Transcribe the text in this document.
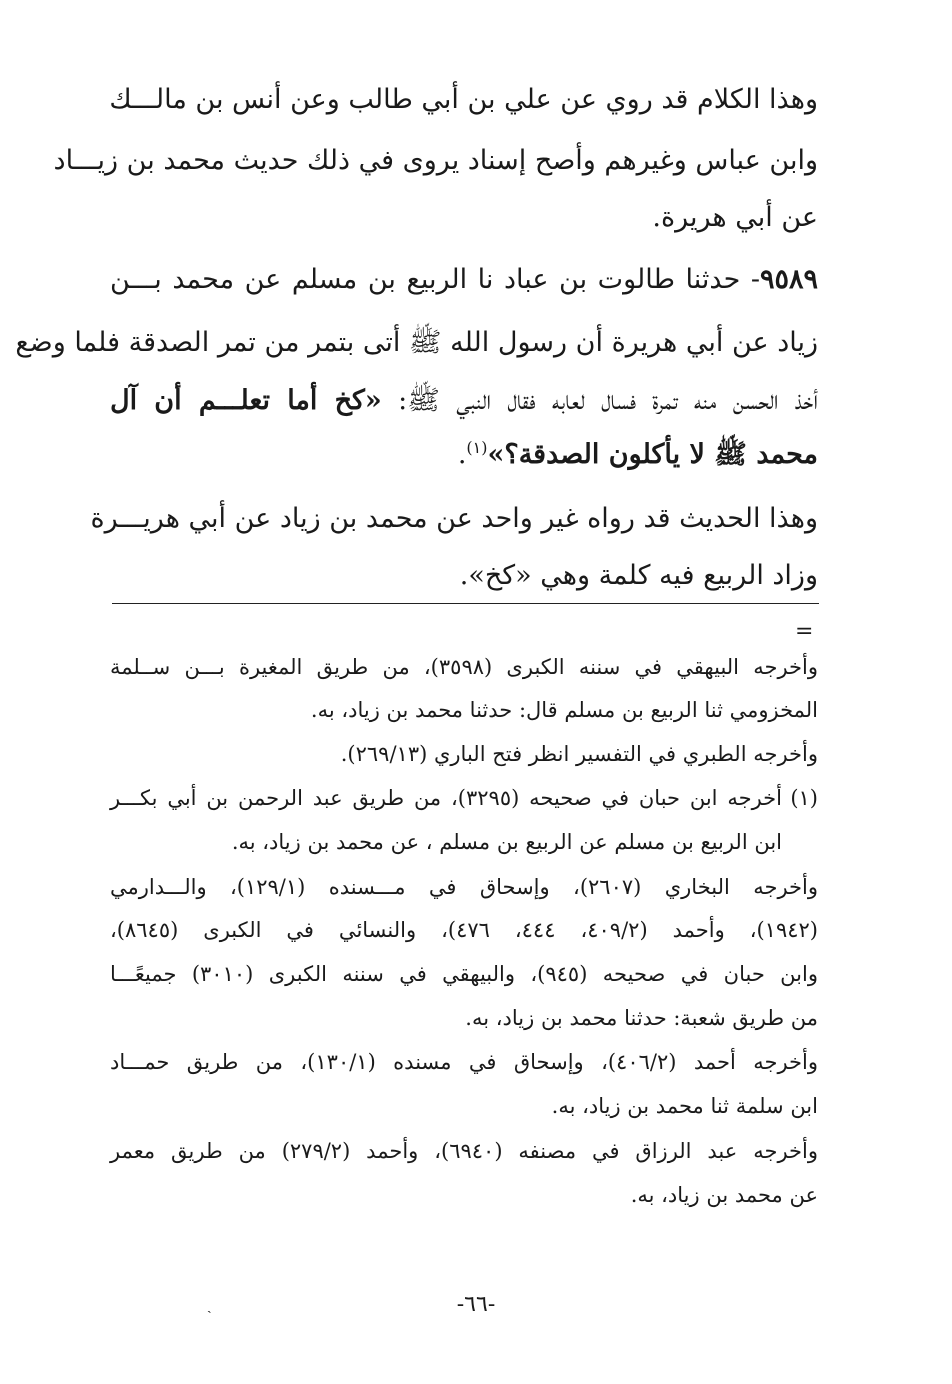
وهذا الكلام قد روي عن علي بن أبي طالب وعن أنس بن مالـــك
وابن عباس وغيرهم وأصح إسناد يروى في ذلك حديث محمد بن زيـــاد
عن أبي هريرة.
٩٥٨٩- حدثنا طالوت بن عباد نا الربيع بن مسلم عن محمد بـــن
زياد عن أبي هريرة أن رسول الله ﷺ أتى بتمر من تمر الصدقة فلما وضع
أخذ الحسن منه تمرة فسال لعابه فقال النبي ﷺ: «كخ أما تعلـــم أن آل
محمد ﷺ لا يأكلون الصدقة؟»$^{(١)}$.
وهذا الحديث قد رواه غير واحد عن محمد بن زياد عن أبي هريـــرة
وزاد الربيع فيه كلمة وهي «كخ».
=
وأخرجه البيهقي في سننه الكبرى (٣٥٩٨)، من طريق المغيرة بـــن ســلمة
المخزومي ثنا الربيع بن مسلم قال: حدثنا محمد بن زياد، به.
وأخرجه الطبري في التفسير انظر فتح الباري (٢٦٩/١٣).
(١)
أخرجه ابن حبان في صحيحه (٣٢٩٥)، من طريق عبد الرحمن بن أبي بكـــر
ابن الربيع بن مسلم عن الربيع بن مسلم ، عن محمد بن زياد، به.
وأخرجه البخاري (٢٦٠٧)، وإسحاق في مـــسنده (١٢٩/١)، والـــدارمي
(١٩٤٢)، وأحمد (٤٠٩/٢، ٤٤٤، ٤٧٦)، والنسائي في الكبرى (٨٦٤٥)،
وابن حبان في صحيحه (٩٤٥)، والبيهقي في سننه الكبرى (٣٠١٠) جميعًـــا
من طريق شعبة: حدثنا محمد بن زياد، به.
وأخرجه أحمد (٤٠٦/٢)، وإسحاق في مسنده (١٣٠/١)، من طريق حمـــاد
ابن سلمة ثنا محمد بن زياد، به.
وأخرجه عبد الرزاق في مصنفه (٦٩٤٠)، وأحمد (٢٧٩/٢) من طريق معمر
عن محمد بن زياد، به.
-٦٦-
ˎ
